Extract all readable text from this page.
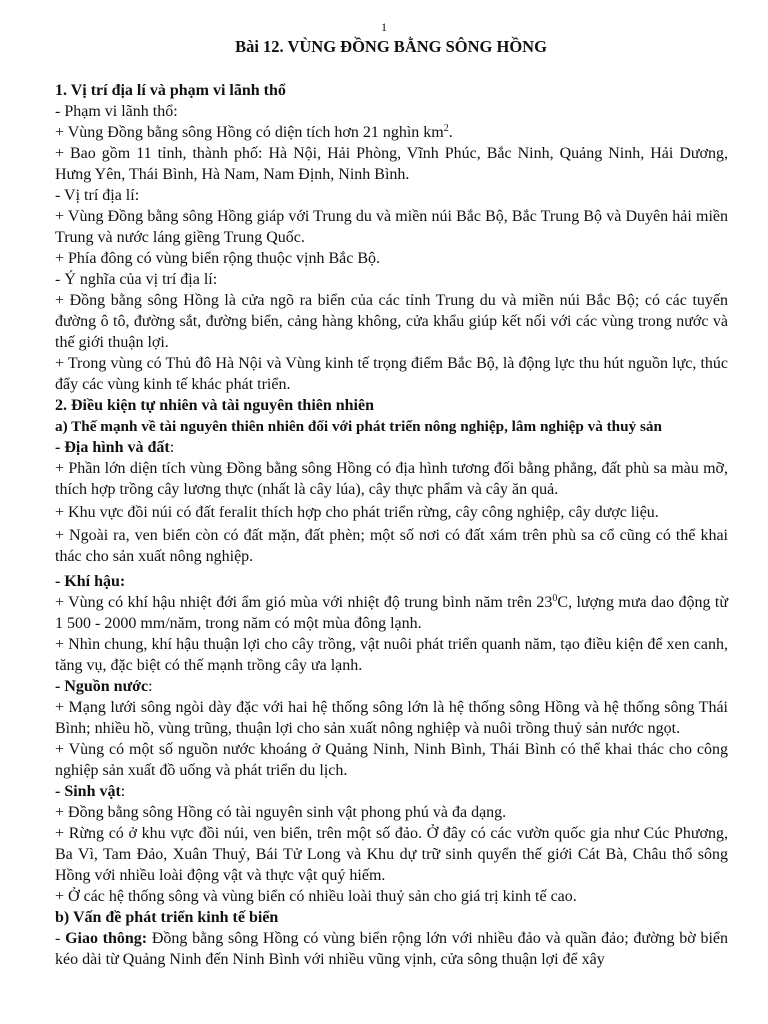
1
Bài 12. VÙNG ĐỒNG BẰNG SÔNG HỒNG

1. Vị trí địa lí và phạm vi lãnh thổ

- Phạm vi lãnh thổ:

+ Vùng Đồng bằng sông Hồng có diện tích hơn 21 nghìn $km^2$.

+ Bao gồm 11 tỉnh, thành phố: Hà Nội, Hải Phòng, Vĩnh Phúc, Bắc Ninh, Quảng Ninh, Hải Dương, Hưng Yên, Thái Bình, Hà Nam, Nam Định, Ninh Bình.

- Vị trí địa lí:

+ Vùng Đồng bằng sông Hồng giáp với Trung du và miền núi Bắc Bộ, Bắc Trung Bộ và Duyên hải miền Trung và nước láng giềng Trung Quốc.

+ Phía đông có vùng biển rộng thuộc vịnh Bắc Bộ.

- Ý nghĩa của vị trí địa lí:

+ Đồng bằng sông Hồng là cửa ngõ ra biển của các tỉnh Trung du và miền núi Bắc Bộ; có các tuyến đường ô tô, đường sắt, đường biển, cảng hàng không, cửa khẩu giúp kết nối với các vùng trong nước và thế giới thuận lợi.

+ Trong vùng có Thủ đô Hà Nội và Vùng kinh tế trọng điểm Bắc Bộ, là động lực thu hút nguồn lực, thúc đẩy các vùng kinh tế khác phát triển.

2. Điều kiện tự nhiên và tài nguyên thiên nhiên

a) Thế mạnh về tài nguyên thiên nhiên đối với phát triển nông nghiệp, lâm nghiệp và thuỷ sản

- Địa hình và đất:

+ Phần lớn diện tích vùng Đồng bằng sông Hồng có địa hình tương đối bằng phẳng, đất phù sa màu mỡ, thích hợp trồng cây lương thực (nhất là cây lúa), cây thực phẩm và cây ăn quả.

+ Khu vực đồi núi có đất feralit thích hợp cho phát triển rừng, cây công nghiệp, cây dược liệu.

+ Ngoài ra, ven biển còn có đất mặn, đất phèn; một số nơi có đất xám trên phù sa cổ cũng có thể khai thác cho sản xuất nông nghiệp.

- Khí hậu:

+ Vùng có khí hậu nhiệt đới ẩm gió mùa với nhiệt độ trung bình năm trên $23^0C$, lượng mưa dao động từ 1 500 - 2000 mm/năm, trong năm có một mùa đông lạnh.

+ Nhìn chung, khí hậu thuận lợi cho cây trồng, vật nuôi phát triển quanh năm, tạo điều kiện để xen canh, tăng vụ, đặc biệt có thế mạnh trồng cây ưa lạnh.

- Nguồn nước:

+ Mạng lưới sông ngòi dày đặc với hai hệ thống sông lớn là hệ thống sông Hồng và hệ thống sông Thái Bình; nhiều hồ, vùng trũng, thuận lợi cho sản xuất nông nghiệp và nuôi trồng thuỷ sản nước ngọt.

+ Vùng có một số nguồn nước khoáng ở Quảng Ninh, Ninh Bình, Thái Bình có thể khai thác cho công nghiệp sản xuất đồ uống và phát triển du lịch.

- Sinh vật:

+ Đồng bằng sông Hồng có tài nguyên sinh vật phong phú và đa dạng.

+ Rừng có ở khu vực đồi núi, ven biển, trên một số đảo. Ở đây có các vườn quốc gia như Cúc Phương, Ba Vì, Tam Đảo, Xuân Thuỷ, Bái Tử Long và Khu dự trữ sinh quyển thế giới Cát Bà, Châu thổ sông Hồng với nhiều loài động vật và thực vật quý hiếm.

+ Ở các hệ thống sông và vùng biển có nhiều loài thuỷ sản cho giá trị kinh tế cao.

b) Vấn đề phát triển kinh tế biển

- Giao thông: Đồng bằng sông Hồng có vùng biển rộng lớn với nhiều đảo và quần đảo; đường bờ biển kéo dài từ Quảng Ninh đến Ninh Bình với nhiều vũng vịnh, cửa sông thuận lợi để xây
